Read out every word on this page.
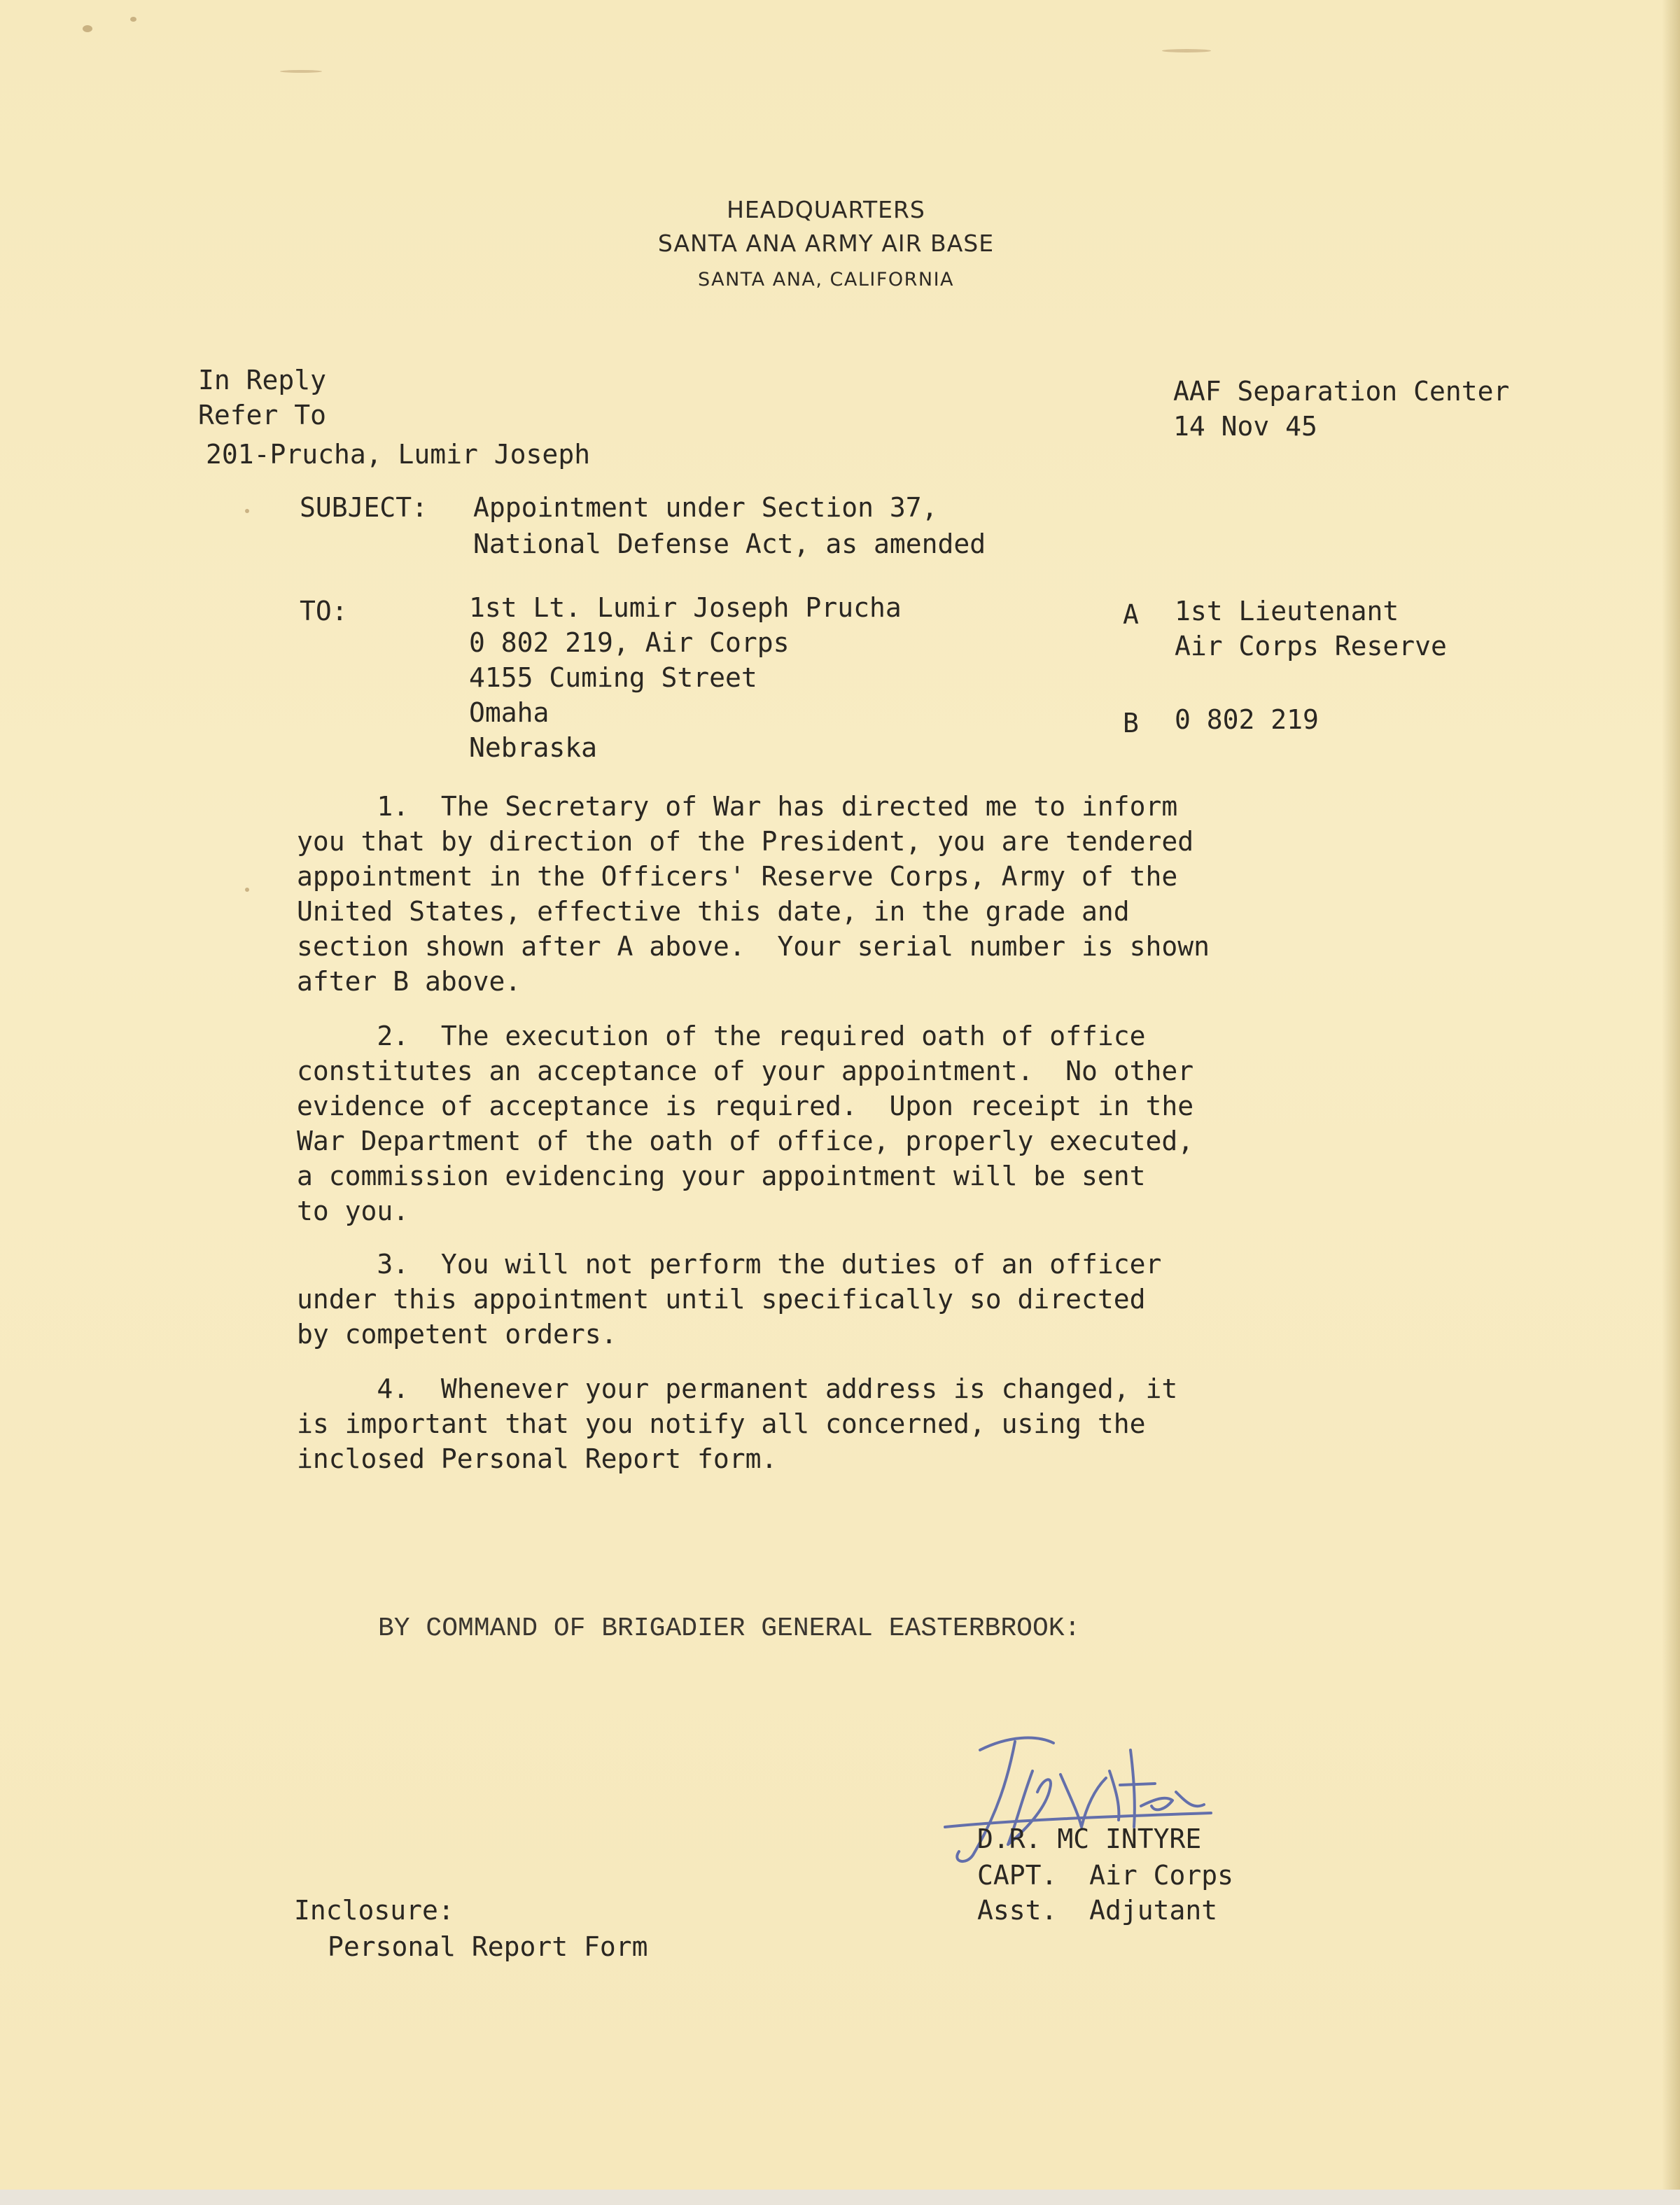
HEADQUARTERS
SANTA ANA ARMY AIR BASE
SANTA ANA, CALIFORNIA
In Reply
Refer To
201-Prucha, Lumir Joseph
AAF Separation Center
14 Nov 45
SUBJECT: Appointment under Section 37,
National Defense Act, as amended
TO:	1st Lt. Lumir Joseph Prucha
0 802 219, Air Corps
4155 Cuming Street
Omaha
Nebraska
A 1st Lieutenant
Air Corps Reserve
B 0 802 219
1.  The Secretary of War has directed me to inform
you that by direction of the President, you are tendered
appointment in the Officers' Reserve Corps, Army of the
United States, effective this date, in the grade and
section shown after A above.  Your serial number is shown
after B above.
2.  The execution of the required oath of office
constitutes an acceptance of your appointment.  No other
evidence of acceptance is required.  Upon receipt in the
War Department of the oath of office, properly executed,
a commission evidencing your appointment will be sent
to you.
3.  You will not perform the duties of an officer
under this appointment until specifically so directed
by competent orders.
4.  Whenever your permanent address is changed, it
is important that you notify all concerned, using the
inclosed Personal Report form.
BY COMMAND OF BRIGADIER GENERAL EASTERBROOK:
D.R. MC INTYRE
CAPT.  Air Corps
Asst.  Adjutant
Inclosure:
Personal Report Form
